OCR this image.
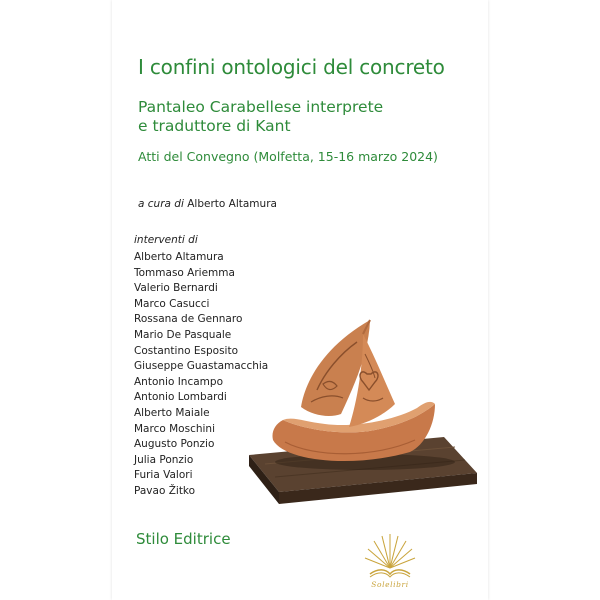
I confini ontologici del concreto
Pantaleo Carabellese interprete
e traduttore di Kant
Atti del Convegno (Molfetta, 15-16 marzo 2024)
a cura di Alberto Altamura
interventi di
Alberto Altamura
Tommaso Ariemma
Valerio Bernardi
Marco Casucci
Rossana de Gennaro
Mario De Pasquale
Costantino Esposito
Giuseppe Guastamacchia
Antonio Incampo
Antonio Lombardi
Alberto Maiale
Marco Moschini
Augusto Ponzio
Julia Ponzio
Furia Valori
Pavao Žitko
Stilo Editrice
Solelibri
